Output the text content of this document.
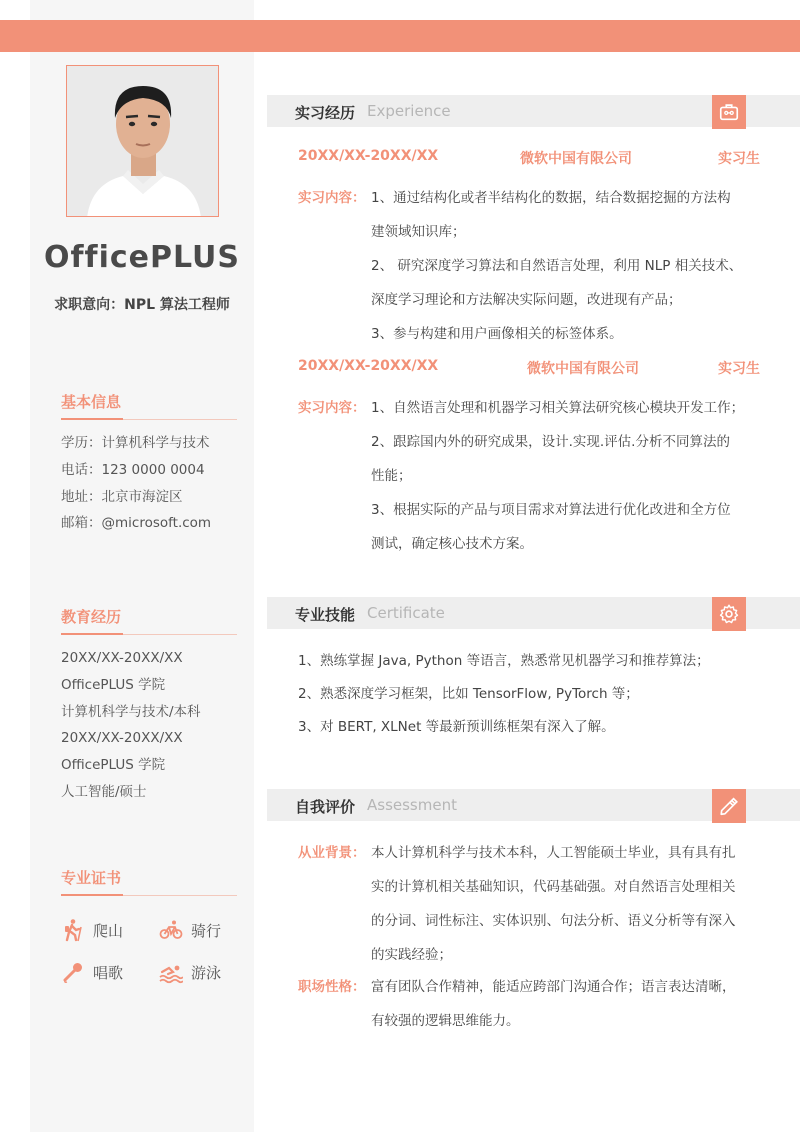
OfficePLUS
求职意向：NPL 算法工程师
基本信息
学历：计算机科学与技术
电话：123 0000 0004
地址：北京市海淀区
邮箱：@microsoft.com
教育经历
20XX/XX-20XX/XX
OfficePLUS 学院
计算机科学与技术/本科
20XX/XX-20XX/XX
OfficePLUS 学院
人工智能/硕士
专业证书
爬山	骑行
唱歌	游泳
实习经历 Experience
20XX/XX-20XX/XX	微软中国有限公司	实习生
实习内容： 1、通过结构化或者半结构化的数据，结合数据挖掘的方法构
建领域知识库；
2、 研究深度学习算法和自然语言处理，利用 NLP 相关技术、
深度学习理论和方法解决实际问题，改进现有产品；
3、参与构建和用户画像相关的标签体系。
20XX/XX-20XX/XX	微软中国有限公司	实习生
实习内容： 1、自然语言处理和机器学习相关算法研究核心模块开发工作；
2、跟踪国内外的研究成果，设计.实现.评估.分析不同算法的
性能；
3、根据实际的产品与项目需求对算法进行优化改进和全方位
测试，确定核心技术方案。
专业技能 Certificate
1、熟练掌握 Java, Python 等语言，熟悉常见机器学习和推荐算法；
2、熟悉深度学习框架，比如 TensorFlow, PyTorch 等；
3、对 BERT, XLNet 等最新预训练框架有深入了解。
自我评价 Assessment
从业背景： 本人计算机科学与技术本科，人工智能硕士毕业，具有具有扎
实的计算机相关基础知识，代码基础强。对自然语言处理相关
的分词、词性标注、实体识别、句法分析、语义分析等有深入
的实践经验；
职场性格： 富有团队合作精神，能适应跨部门沟通合作；语言表达清晰，
有较强的逻辑思维能力。
